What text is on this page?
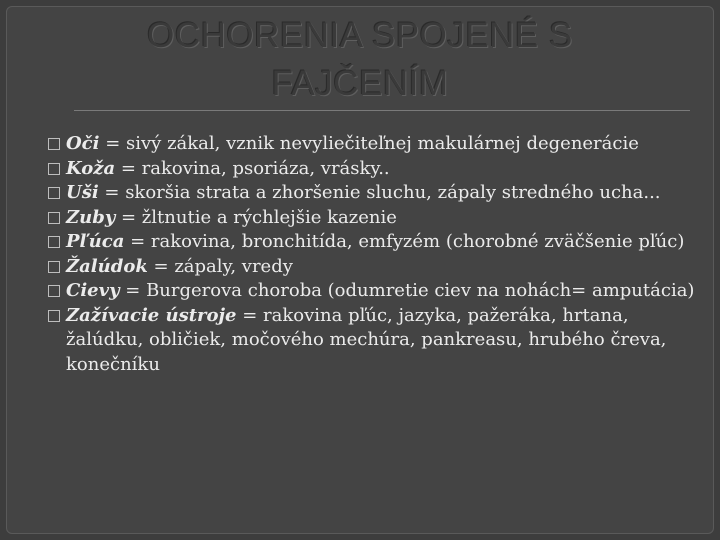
OCHORENIA SPOJENÉ S
FAJČENÍM
Oči = sivý zákal, vznik nevyliečiteľnej makulárnej degenerácie
Koža = rakovina, psoriáza, vrásky..
Uši = skoršia strata a zhoršenie sluchu, zápaly stredného ucha...
Zuby = žltnutie a rýchlejšie kazenie
Pľúca = rakovina, bronchitída, emfyzém (chorobné zväčšenie pľúc)
Žalúdok = zápaly, vredy
Cievy = Burgerova choroba (odumretie ciev na nohách= amputácia)
Zažívacie ústroje = rakovina pľúc, jazyka, pažeráka, hrtana, žalúdku, obličiek, močového mechúra, pankreasu, hrubého čreva, konečníku
